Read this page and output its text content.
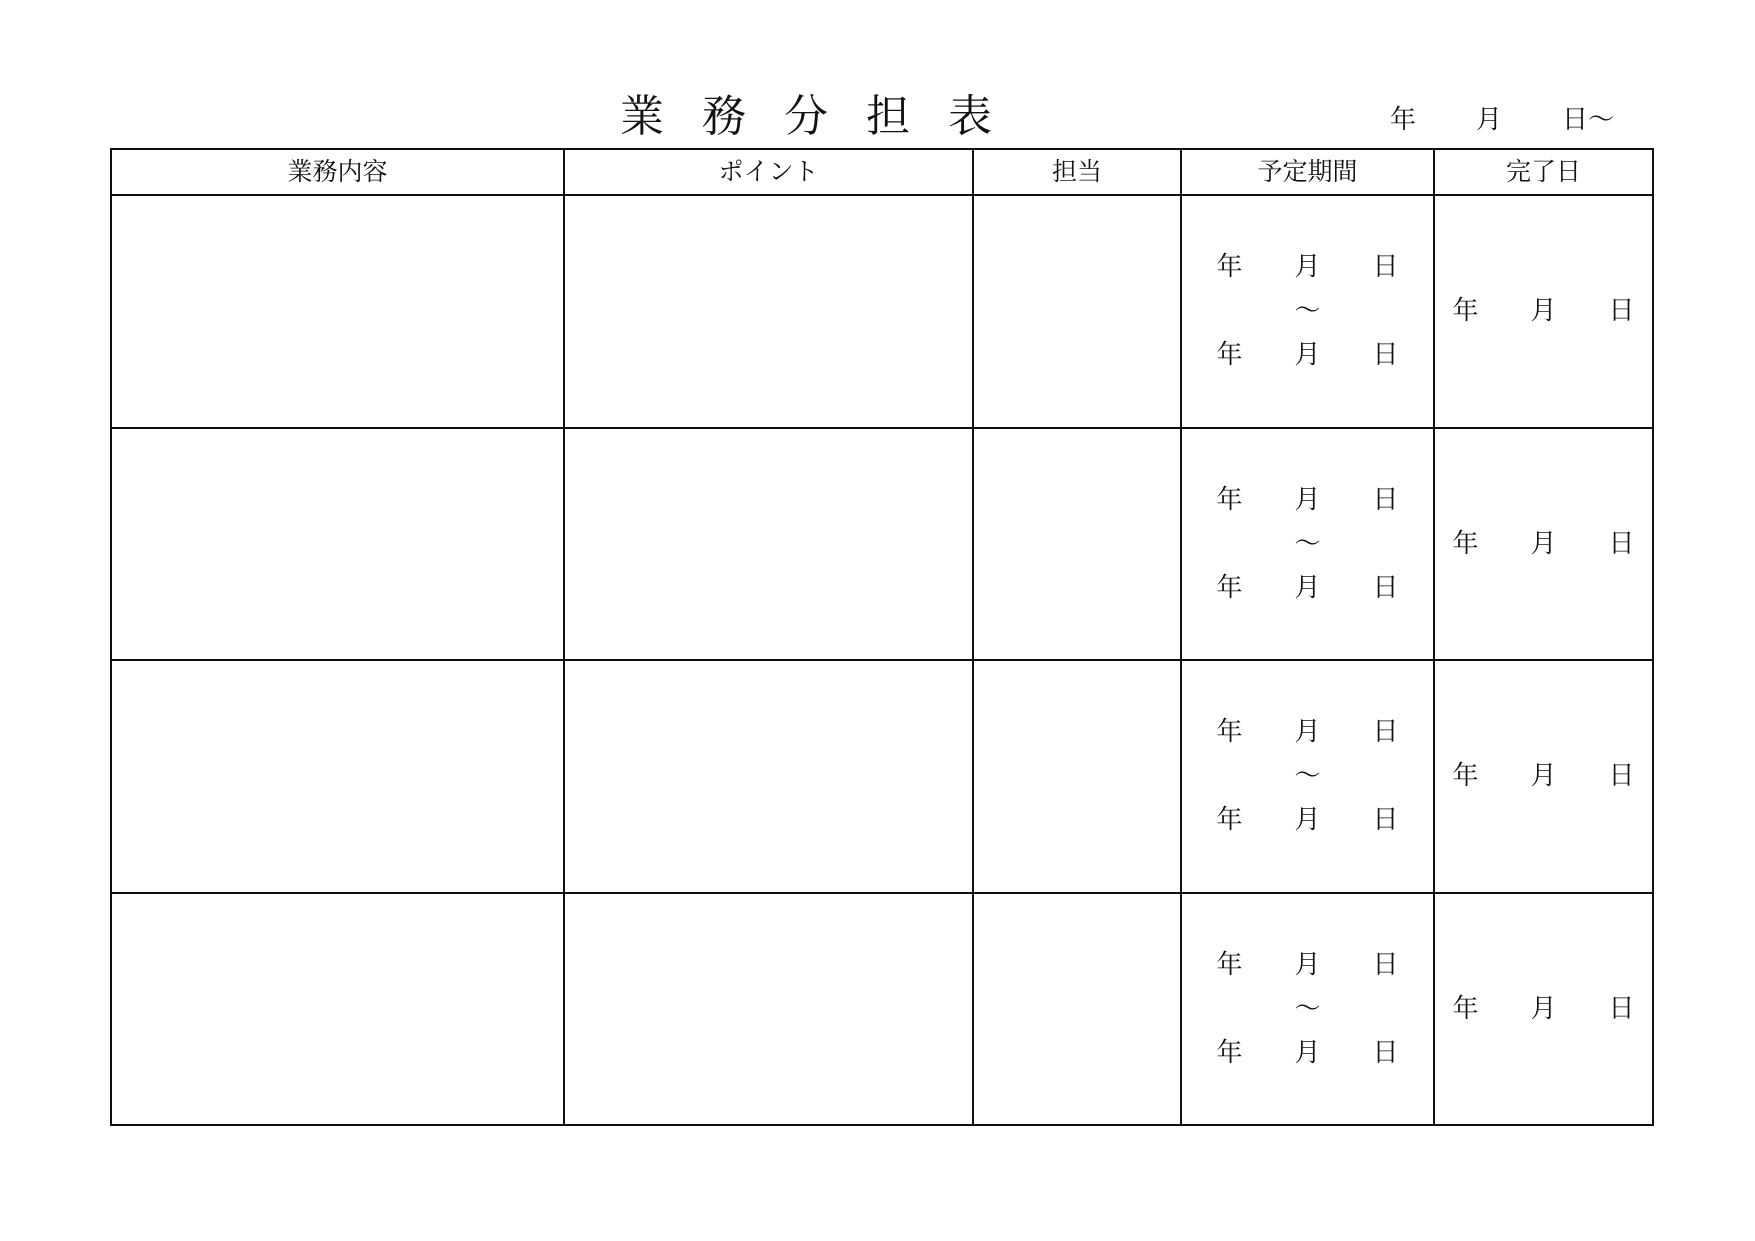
業 務 分 担 表	年 月 日〜
業務内容	ポイント	担当	予定期間	完了日

			年　　月　　日
〜
年　　月　　日	年　　月　　日

			年　　月　　日
〜
年　　月　　日	年　　月　　日

			年　　月　　日
〜
年　　月　　日	年　　月　　日

			年　　月　　日
〜
年　　月　　日	年　　月　　日
